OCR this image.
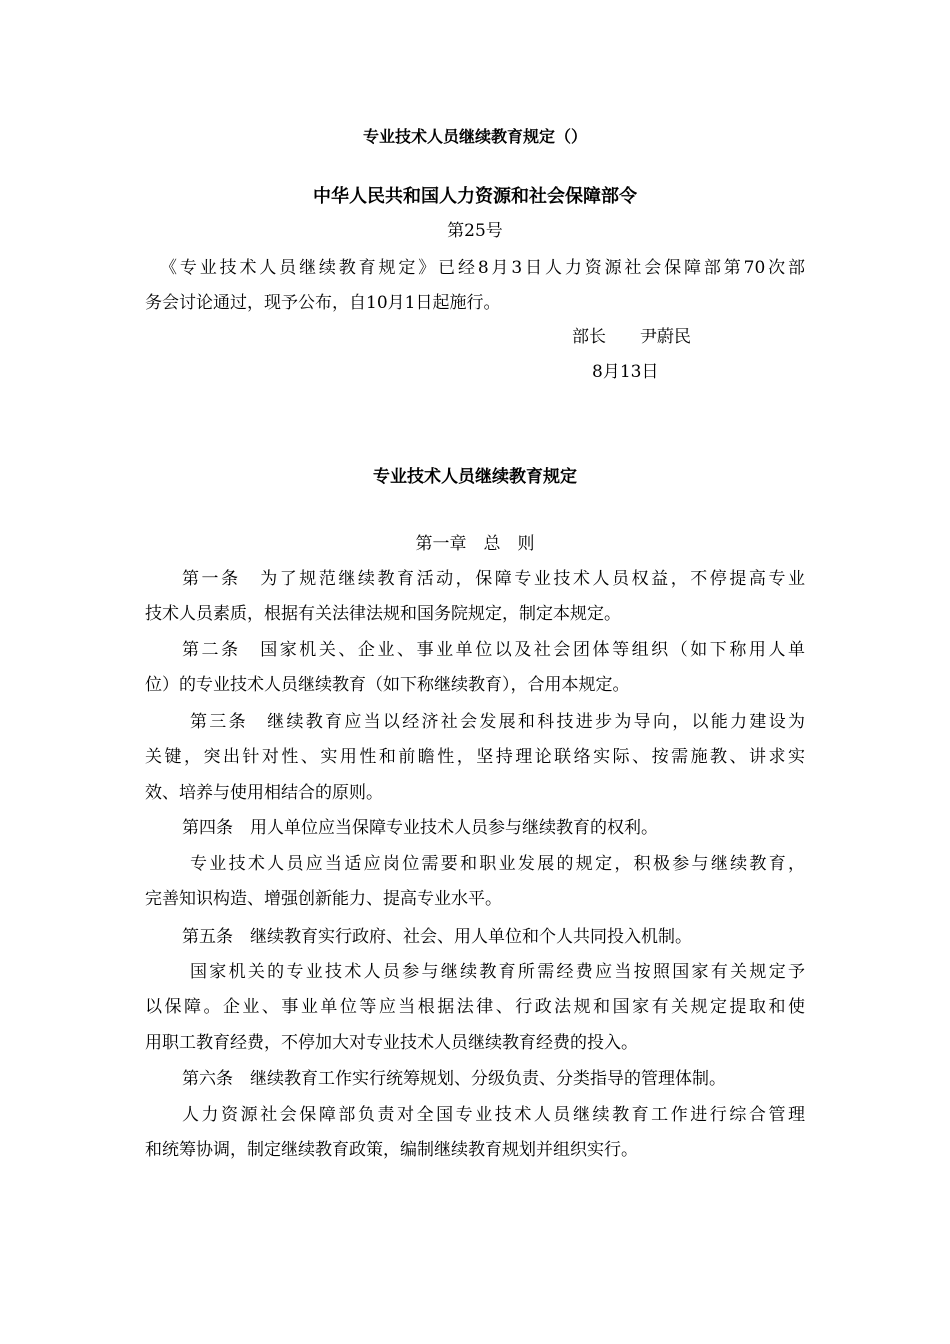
专业技术人员继续教育规定（）
中华人民共和国人力资源和社会保障部令
第25号
《专业技术人员继续教育规定》已经8月3日人力资源社会保障部第70次部
务会讨论通过，现予公布，自10月1日起施行。
部长　　尹蔚民
8月13日
专业技术人员继续教育规定
第一章　总　则
第一条　为了规范继续教育活动，保障专业技术人员权益，不停提高专业
技术人员素质，根据有关法律法规和国务院规定，制定本规定。
第二条　国家机关、企业、事业单位以及社会团体等组织（如下称用人单
位）的专业技术人员继续教育（如下称继续教育），合用本规定。
第三条　继续教育应当以经济社会发展和科技进步为导向，以能力建设为
关键，突出针对性、实用性和前瞻性，坚持理论联络实际、按需施教、讲求实
效、培养与使用相结合的原则。
第四条　用人单位应当保障专业技术人员参与继续教育的权利。
专业技术人员应当适应岗位需要和职业发展的规定，积极参与继续教育，
完善知识构造、增强创新能力、提高专业水平。
第五条　继续教育实行政府、社会、用人单位和个人共同投入机制。
国家机关的专业技术人员参与继续教育所需经费应当按照国家有关规定予
以保障。企业、事业单位等应当根据法律、行政法规和国家有关规定提取和使
用职工教育经费，不停加大对专业技术人员继续教育经费的投入。
第六条　继续教育工作实行统筹规划、分级负责、分类指导的管理体制。
人力资源社会保障部负责对全国专业技术人员继续教育工作进行综合管理
和统筹协调，制定继续教育政策，编制继续教育规划并组织实行。
